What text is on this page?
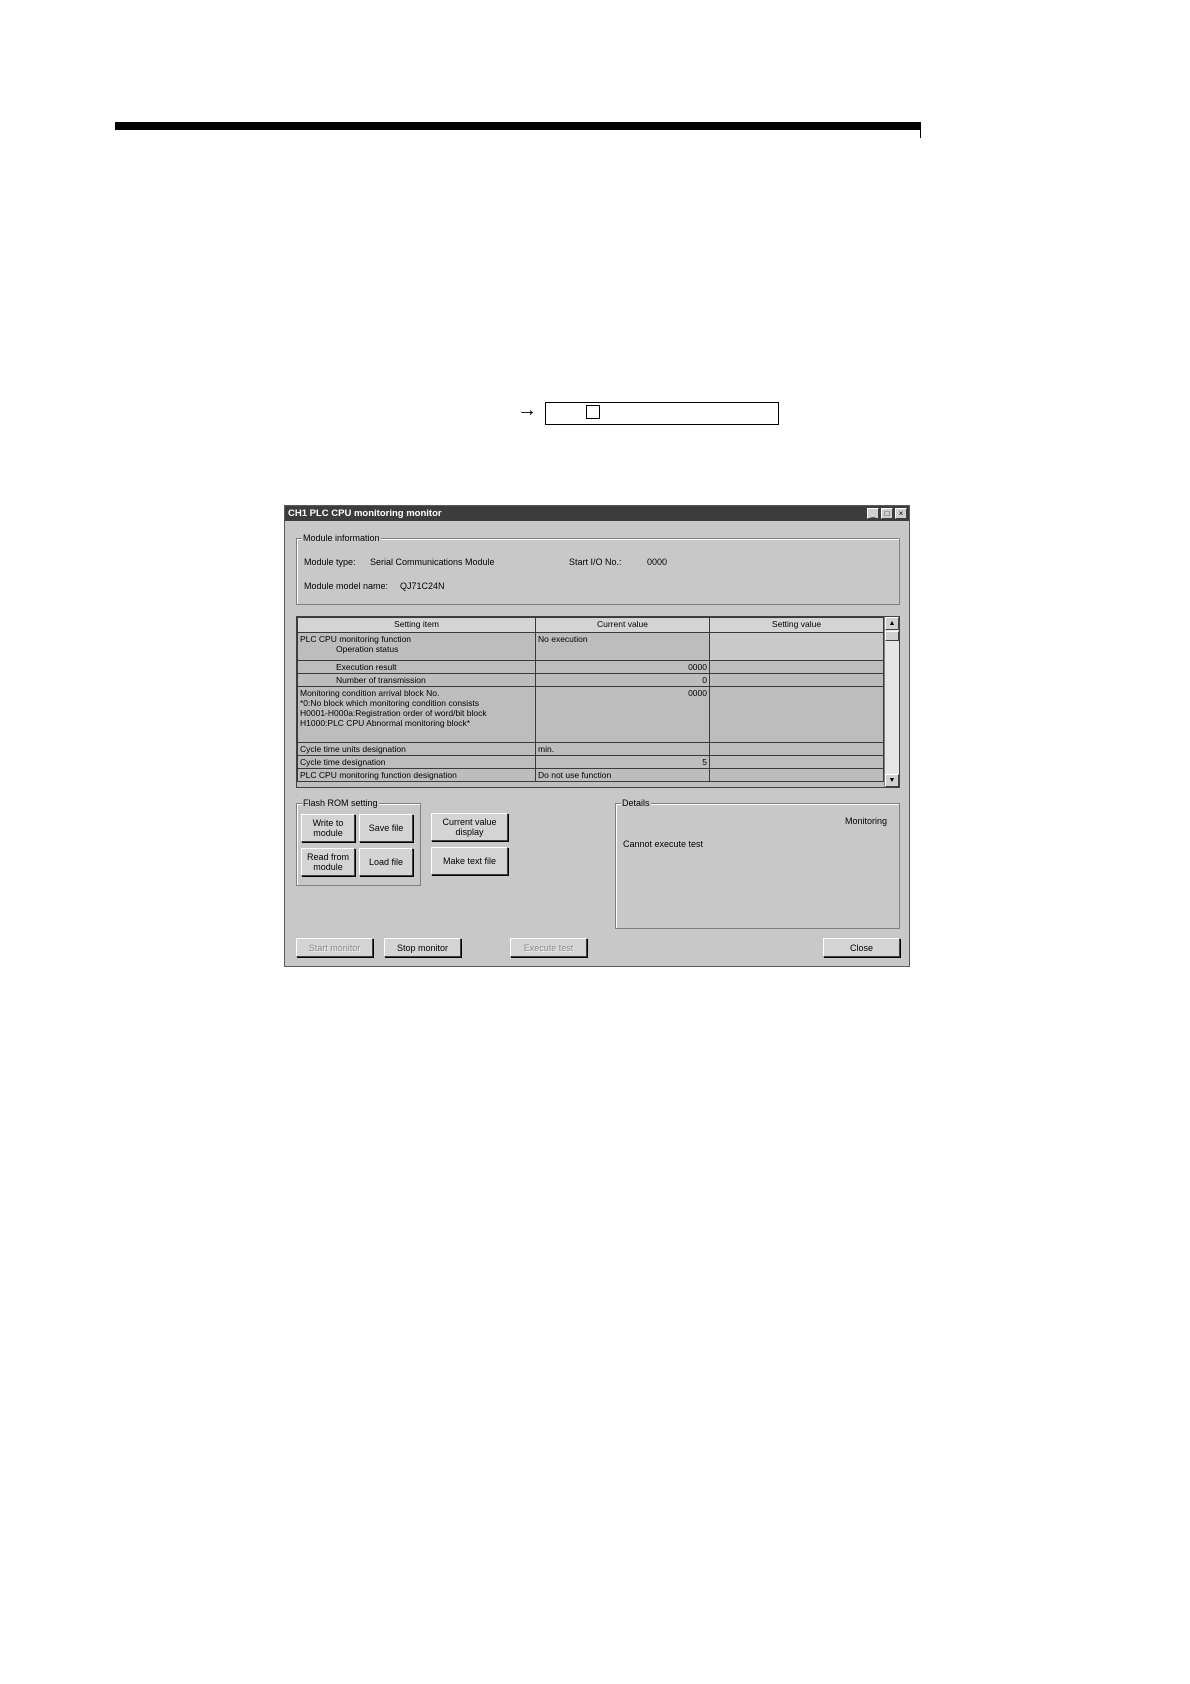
→
CH1 PLC CPU monitoring monitor	_	□	×
Module information
Module type: Serial Communications Module	Start I/O No.:	0000
Module model name: QJ71C24N
Setting item	Current value	Setting value
PLC CPU monitoring function
Operation status	No execution	
Execution result	0000	
Number of transmission	0	

Monitoring condition arrival block No.
*0:No block which monitoring condition consists
H0001-H000a:Registration order of word/bit block
H1000:PLC CPU Abnormal monitoring block*	0000	
Cycle time units designation	min.	
Cycle time designation	5	
PLC CPU monitoring function designation	Do not use function	
▲
▼
Flash ROM setting
Write to
module	Save file
Read from
module	Load file
Current value
display
Make text file
Details
Monitoring
Cannot execute test
Start monitor	Stop monitor	Execute test	Close
